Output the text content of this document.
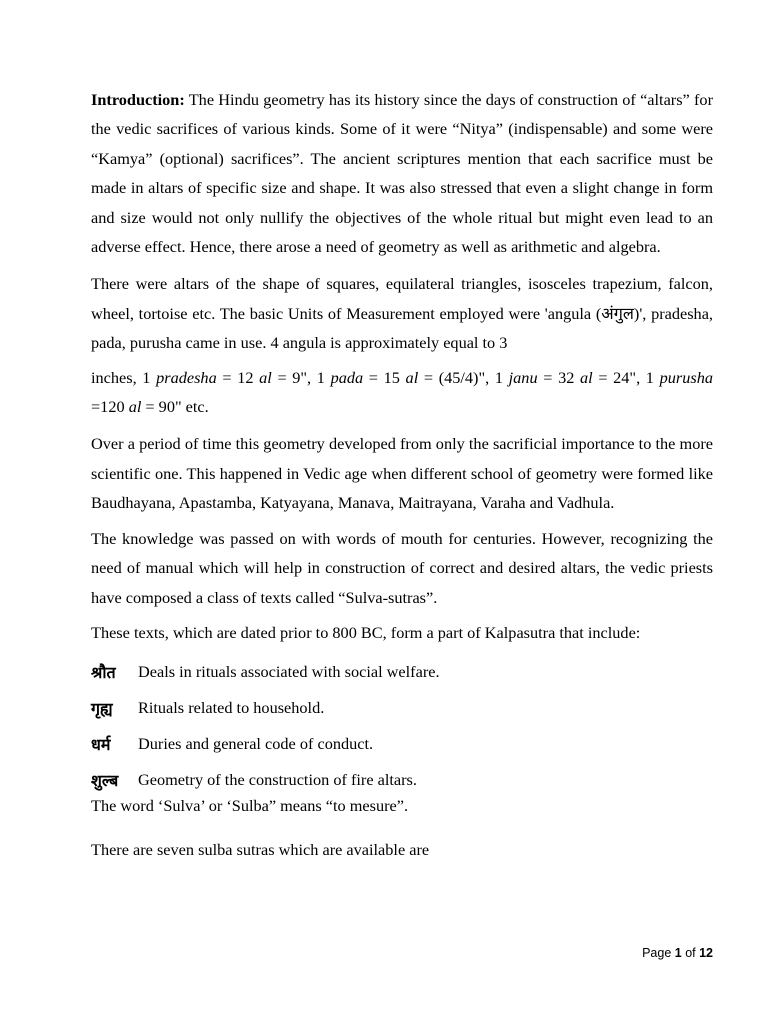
Introduction: The Hindu geometry has its history since the days of construction of “altars” for the vedic sacrifices of various kinds. Some of it were “Nitya” (indispensable) and some were “Kamya” (optional) sacrifices”. The ancient scriptures mention that each sacrifice must be made in altars of specific size and shape. It was also stressed that even a slight change in form and size would not only nullify the objectives of the whole ritual but might even lead to an adverse effect. Hence, there arose a need of geometry as well as arithmetic and algebra.

There were altars of the shape of squares, equilateral triangles, isosceles trapezium, falcon, wheel, tortoise etc. The basic Units of Measurement employed were 'angula (अंगुल)', pradesha, pada, purusha came in use. 4 angula is approximately equal to 3

inches, 1 pradesha = 12 al = 9", 1 pada = 15 al = (45/4)", 1 janu = 32 al = 24", 1 purusha =120 al = 90" etc.

Over a period of time this geometry developed from only the sacrificial importance to the more scientific one. This happened in Vedic age when different school of geometry were formed like Baudhayana, Apastamba, Katyayana, Manava, Maitrayana, Varaha and Vadhula.

The knowledge was passed on with words of mouth for centuries. However, recognizing the need of manual which will help in construction of correct and desired altars, the vedic priests have composed a class of texts called “Sulva-sutras”.

These texts, which are dated prior to 800 BC, form a part of Kalpasutra that include:

श्रौत	Deals in rituals associated with social welfare.
गृह्य	Rituals related to household.
धर्म	Duries and general code of conduct.
शुल्ब	Geometry of the construction of fire altars.

The word ‘Sulva’ or ‘Sulba” means “to mesure”.

There are seven sulba sutras which are available are

Page 1 of 12
